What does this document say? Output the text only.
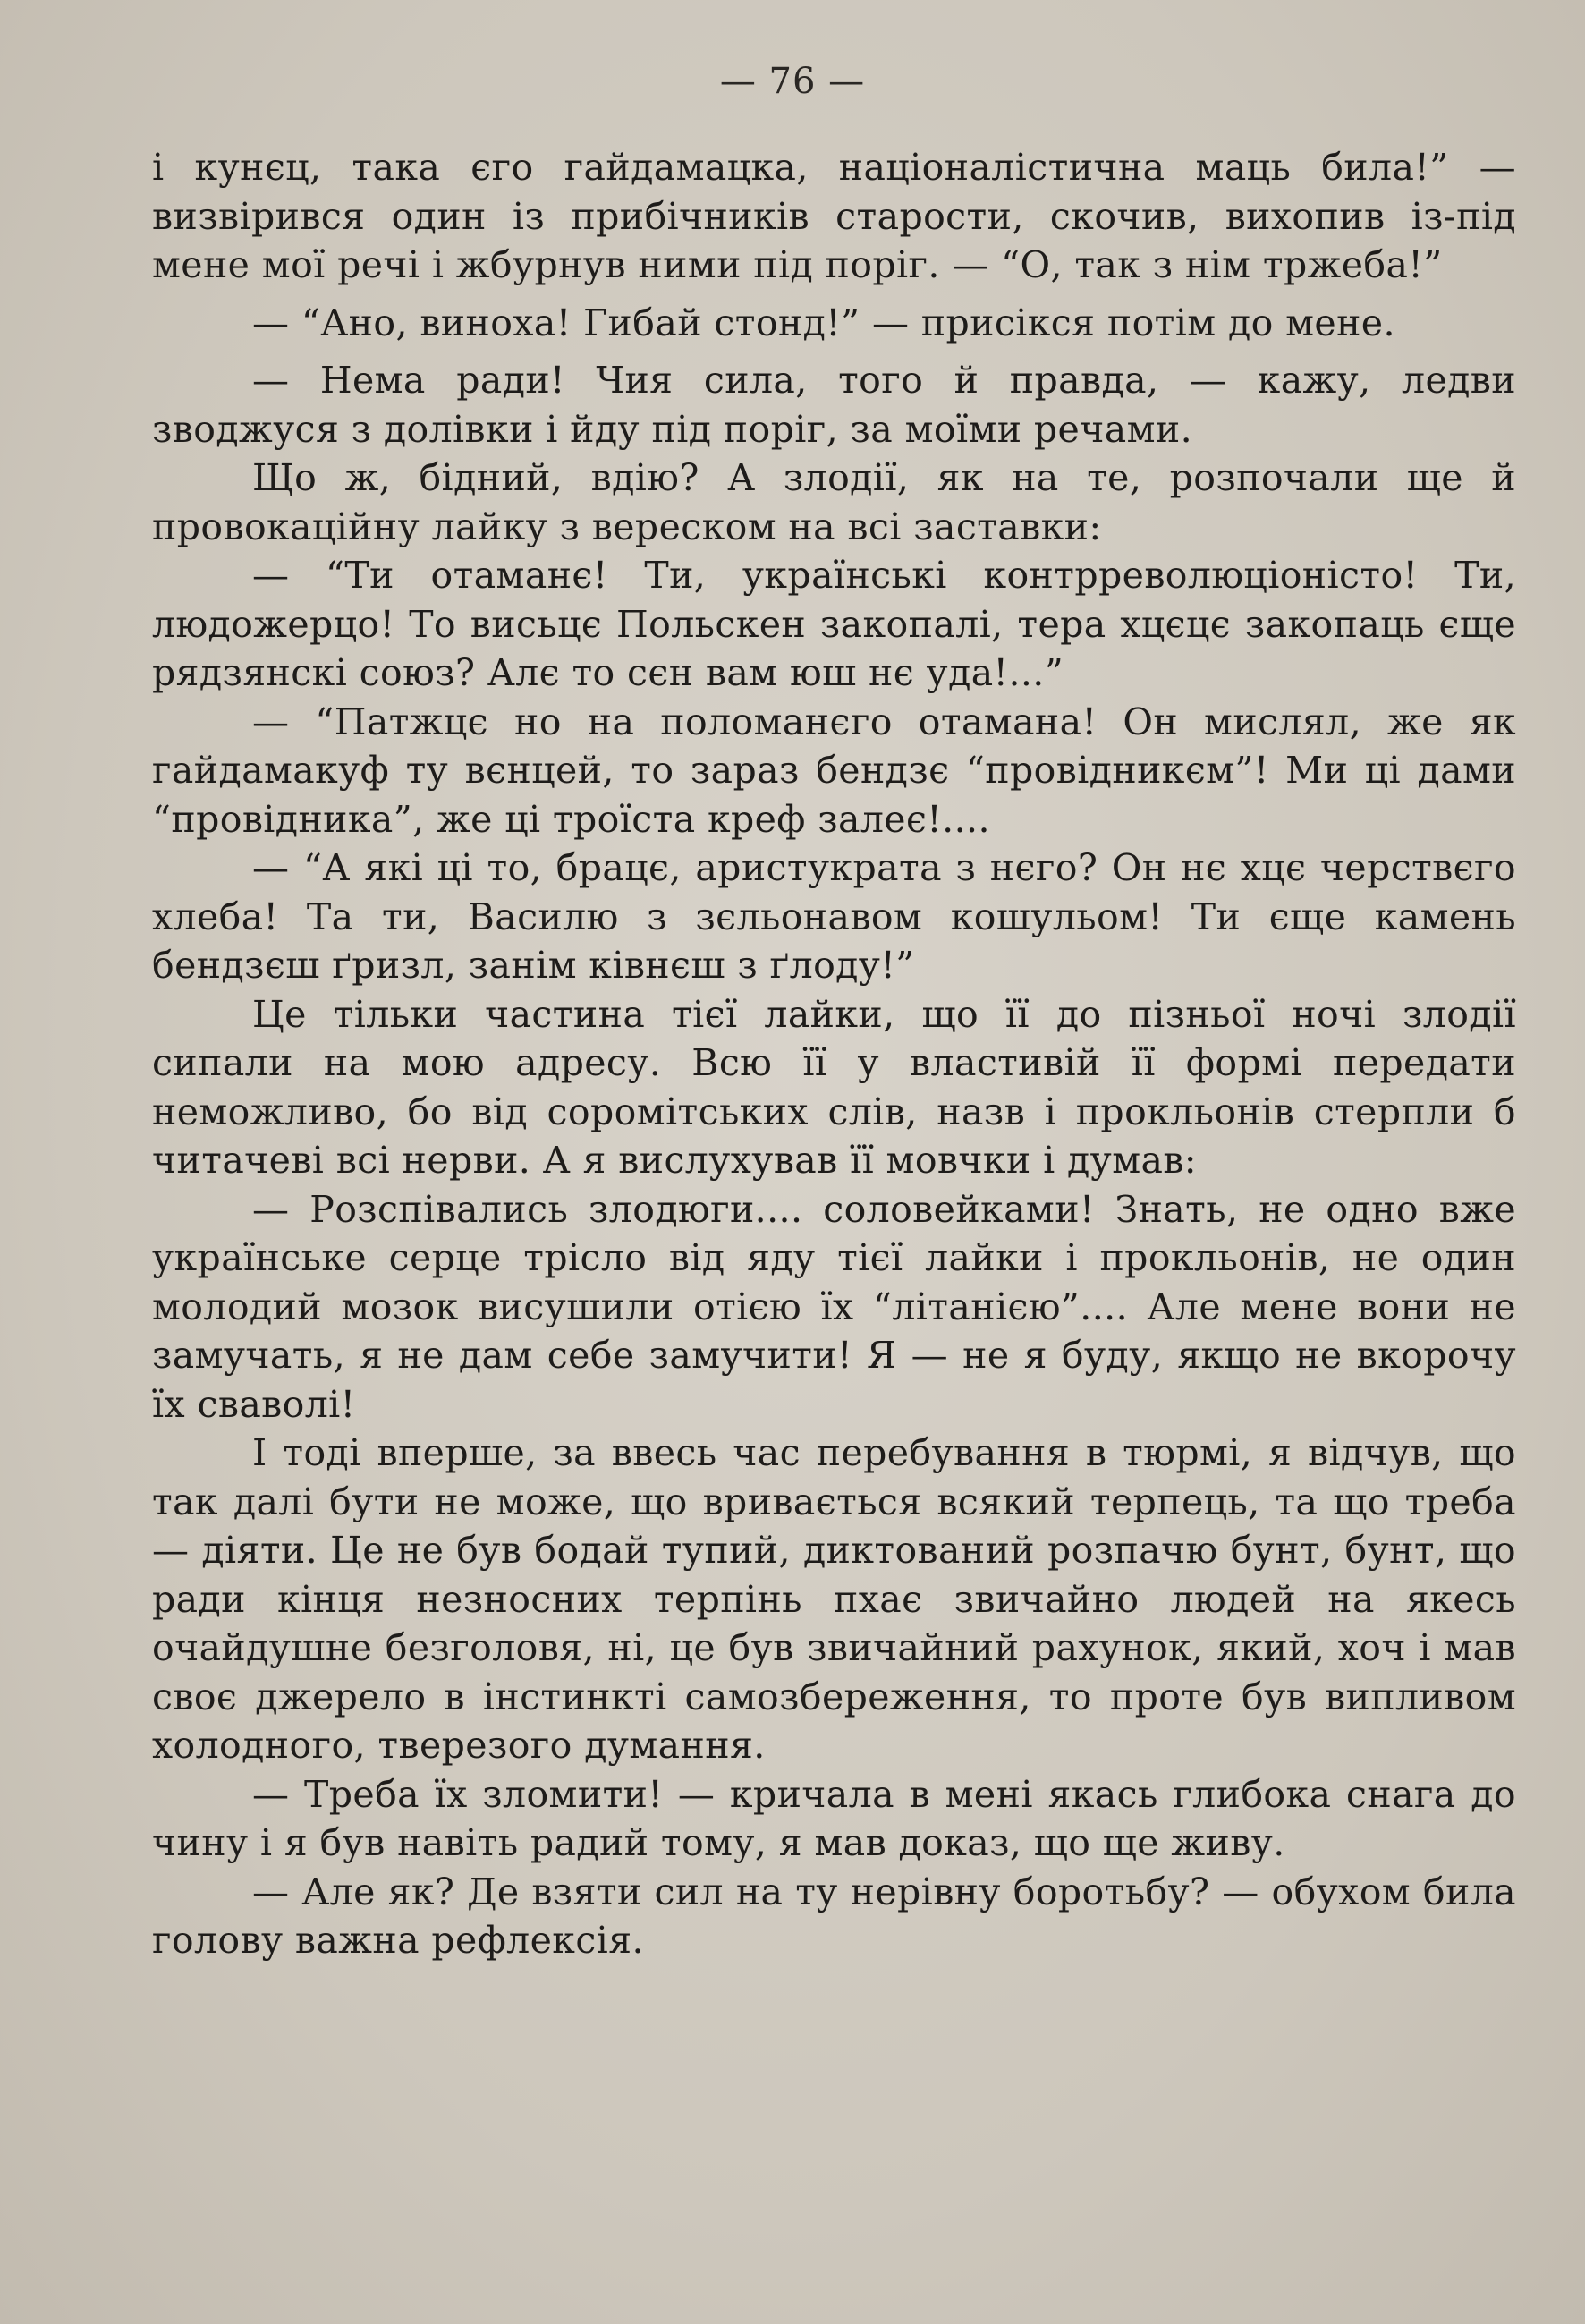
— 76 —

і кунєц, така єго гайдамацка, націоналістична маць била!” — визвірився один із прибічників старости, скочив, вихопив із-під мене мої речі і жбурнув ними під поріг. — “О, так з нім тржеба!”

— “Ано, виноха! Гибай стонд!” — присікся потім до мене.

— Нема ради! Чия сила, того й правда, — кажу, ледви зводжуся з долівки і йду під поріг, за моїми речами.

Що ж, бідний, вдію? А злодії, як на те, розпочали ще й провокаційну лайку з вереском на всі заставки:

— “Ти отаманє! Ти, українські контрреволюціоністо! Ти, людожерцо! То висьцє Польскен закопалі, тера хцєцє закопаць єще рядзянскі союз? Алє то сєн вам юш нє уда!...”

— “Патжцє но на поломанєго отамана! Он мислял, же як гайдамакуф ту вєнцей, то зараз бендзє “провідникєм”! Ми ці дами “провідника”, же ці троїста креф залеє!....

— “А які ці то, брацє, аристукрата з нєго? Он нє хцє черствєго хлеба! Та ти, Василю з зєльонавом кошульом! Ти єще камень бендзєш ґризл, занім ківнєш з ґлоду!”

Це тільки частина тієї лайки, що її до пізньої ночі злодії сипали на мою адресу. Всю її у властивій її формі передати неможливо, бо від соромітських слів, назв і прокльонів стерпли б читачеві всі нерви. А я вислухував її мовчки і думав:

— Розспівались злодюги.... соловейками! Знать, не одно вже українське серце трісло від яду тієї лайки і прокльонів, не один молодий мозок висушили отією їх “літанією”.... Але мене вони не замучать, я не дам себе замучити! Я — не я буду, якщо не вкорочу їх сваволі!

І тоді вперше, за ввесь час перебування в тюрмі, я відчув, що так далі бути не може, що вривається всякий терпець, та що треба — діяти. Це не був бодай тупий, диктований розпачю бунт, бунт, що ради кінця незносних терпінь пхає звичайно людей на якесь очайдушне безголовя, ні, це був звичайний рахунок, який, хоч і мав своє джерело в інстинкті самозбереження, то проте був випливом холодного, тверезого думання.

— Треба їх зломити! — кричала в мені якась глибока снага до чину і я був навіть радий тому, я мав доказ, що ще живу.

— Але як? Де взяти сил на ту нерівну боротьбу? — обухом била голову важна рефлексія.
